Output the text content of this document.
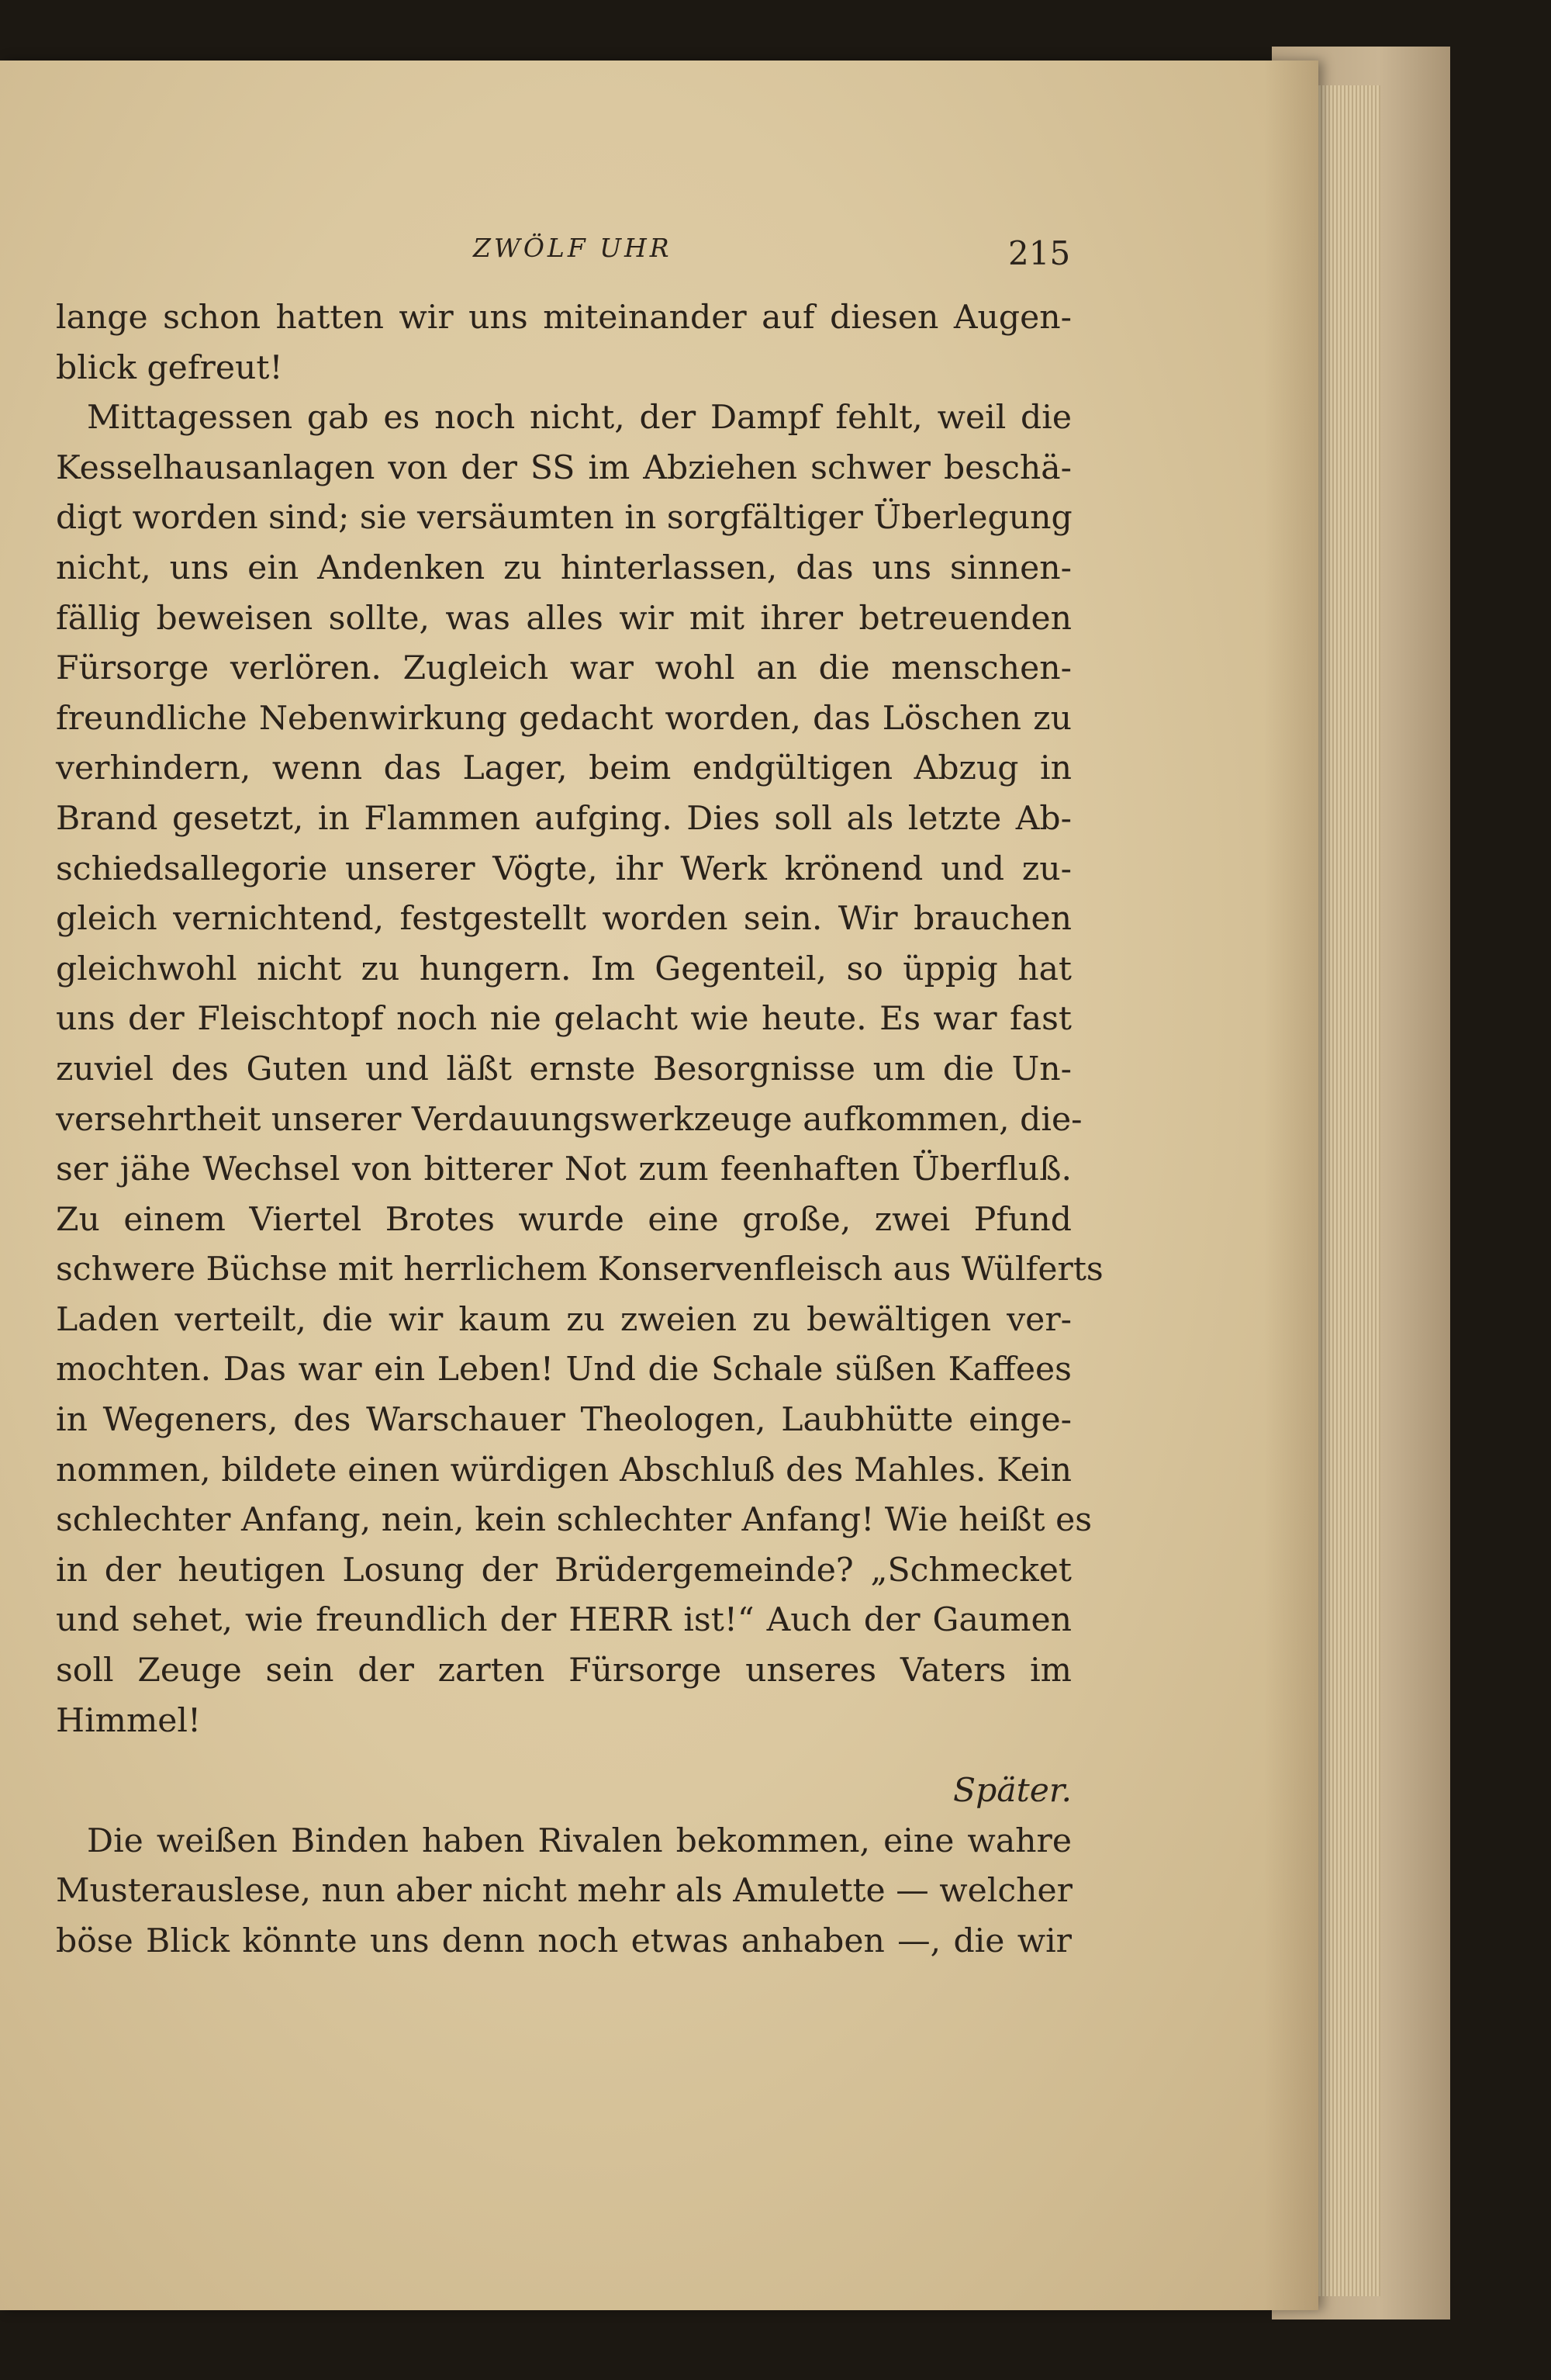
ZWÖLF UHR	215
lange schon hatten wir uns miteinander auf diesen Augen-
blick gefreut!
Mittagessen gab es noch nicht, der Dampf fehlt, weil die
Kesselhausanlagen von der SS im Abziehen schwer beschä-
digt worden sind; sie versäumten in sorgfältiger Überlegung
nicht, uns ein Andenken zu hinterlassen, das uns sinnen-
fällig beweisen sollte, was alles wir mit ihrer betreuenden
Fürsorge verlören. Zugleich war wohl an die menschen-
freundliche Nebenwirkung gedacht worden, das Löschen zu
verhindern, wenn das Lager, beim endgültigen Abzug in
Brand gesetzt, in Flammen aufging. Dies soll als letzte Ab-
schiedsallegorie unserer Vögte, ihr Werk krönend und zu-
gleich vernichtend, festgestellt worden sein. Wir brauchen
gleichwohl nicht zu hungern. Im Gegenteil, so üppig hat
uns der Fleischtopf noch nie gelacht wie heute. Es war fast
zuviel des Guten und läßt ernste Besorgnisse um die Un-
versehrtheit unserer Verdauungswerkzeuge aufkommen, die-
ser jähe Wechsel von bitterer Not zum feenhaften Überfluß.
Zu einem Viertel Brotes wurde eine große, zwei Pfund
schwere Büchse mit herrlichem Konservenfleisch aus Wülferts
Laden verteilt, die wir kaum zu zweien zu bewältigen ver-
mochten. Das war ein Leben! Und die Schale süßen Kaffees
in Wegeners, des Warschauer Theologen, Laubhütte einge-
nommen, bildete einen würdigen Abschluß des Mahles. Kein
schlechter Anfang, nein, kein schlechter Anfang! Wie heißt es
in der heutigen Losung der Brüdergemeinde? „Schmecket
und sehet, wie freundlich der HERR ist!“ Auch der Gaumen
soll Zeuge sein der zarten Fürsorge unseres Vaters im
Himmel!
Später.
Die weißen Binden haben Rivalen bekommen, eine wahre
Musterauslese, nun aber nicht mehr als Amulette — welcher
böse Blick könnte uns denn noch etwas anhaben —, die wir
